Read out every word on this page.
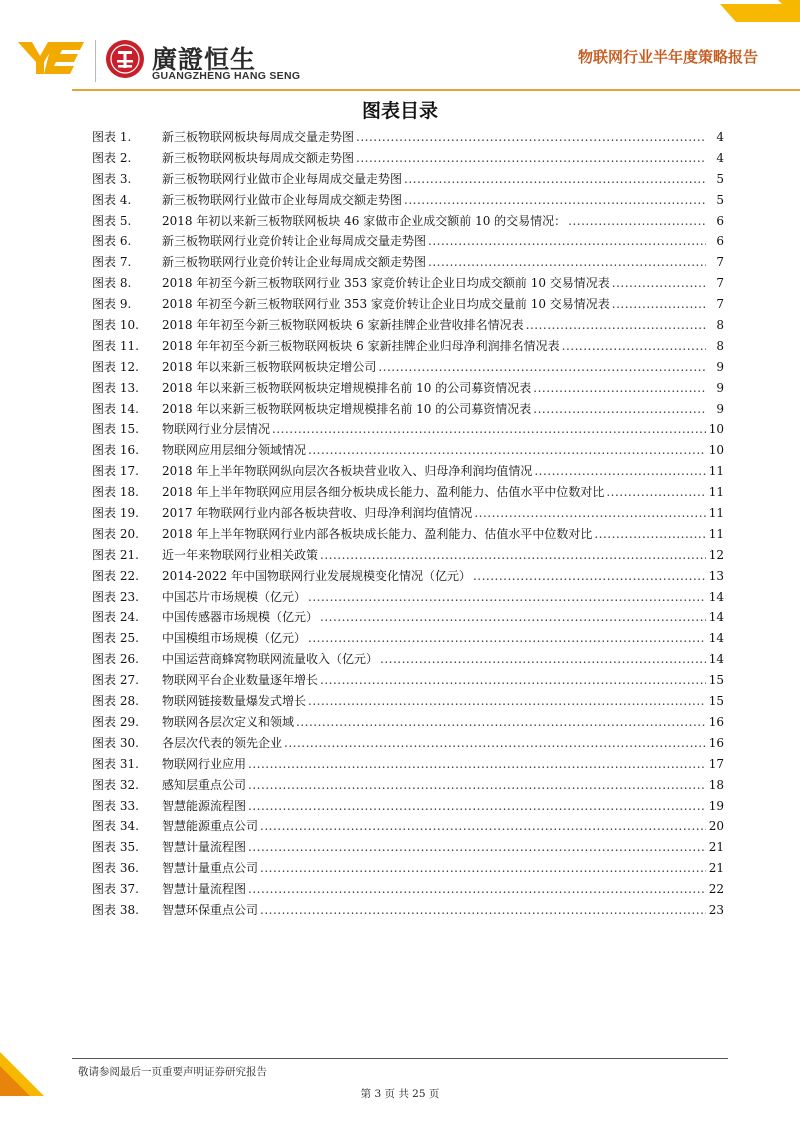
廣證恒生
GUANGZHENG HANG SENG
物联网行业半年度策略报告
图表目录
图表 1.	新三板物联网板块每周成交量走势图 .....	4
图表 2.	新三板物联网板块每周成交额走势图 .....	4
图表 3.	新三板物联网行业做市企业每周成交量走势图 .....	5
图表 4.	新三板物联网行业做市企业每周成交额走势图 .....	5
图表 5.	2018 年初以来新三板物联网板块 46 家做市企业成交额前 10 的交易情况： .....	6
图表 6.	新三板物联网行业竞价转让企业每周成交量走势图 .....	6
图表 7.	新三板物联网行业竞价转让企业每周成交额走势图 .....	7
图表 8.	2018 年初至今新三板物联网行业 353 家竞价转让企业日均成交额前 10 交易情况表 .....	7
图表 9.	2018 年初至今新三板物联网行业 353 家竞价转让企业日均成交量前 10 交易情况表 .....	7
图表 10.	2018 年年初至今新三板物联网板块 6 家新挂牌企业营收排名情况表 .....	8
图表 11.	2018 年年初至今新三板物联网板块 6 家新挂牌企业归母净利润排名情况表 .....	8
图表 12.	2018 年以来新三板物联网板块定增公司 .....	9
图表 13.	2018 年以来新三板物联网板块定增规模排名前 10 的公司募资情况表 .....	9
图表 14.	2018 年以来新三板物联网板块定增规模排名前 10 的公司募资情况表 .....	9
图表 15.	物联网行业分层情况 .....	10
图表 16.	物联网应用层细分领域情况 .....	10
图表 17.	2018 年上半年物联网纵向层次各板块营业收入、归母净利润均值情况 .....	11
图表 18.	2018 年上半年物联网应用层各细分板块成长能力、盈利能力、估值水平中位数对比 .....	11
图表 19.	2017 年物联网行业内部各板块营收、归母净利润均值情况 .....	11
图表 20.	2018 年上半年物联网行业内部各板块成长能力、盈利能力、估值水平中位数对比 .....	11
图表 21.	近一年来物联网行业相关政策 .....	12
图表 22.	2014-2022 年中国物联网行业发展规模变化情况（亿元） .....	13
图表 23.	中国芯片市场规模（亿元） .....	14
图表 24.	中国传感器市场规模（亿元） .....	14
图表 25.	中国模组市场规模（亿元） .....	14
图表 26.	中国运营商蜂窝物联网流量收入（亿元） .....	14
图表 27.	物联网平台企业数量逐年增长 .....	15
图表 28.	物联网链接数量爆发式增长 .....	15
图表 29.	物联网各层次定义和领域 .....	16
图表 30.	各层次代表的领先企业 .....	16
图表 31.	物联网行业应用 .....	17
图表 32.	感知层重点公司 .....	18
图表 33.	智慧能源流程图 .....	19
图表 34.	智慧能源重点公司 .....	20
图表 35.	智慧计量流程图 .....	21
图表 36.	智慧计量重点公司 .....	21
图表 37.	智慧计量流程图 .....	22
图表 38.	智慧环保重点公司 .....	23
敬请参阅最后一页重要声明证券研究报告
第 3 页 共 25 页
